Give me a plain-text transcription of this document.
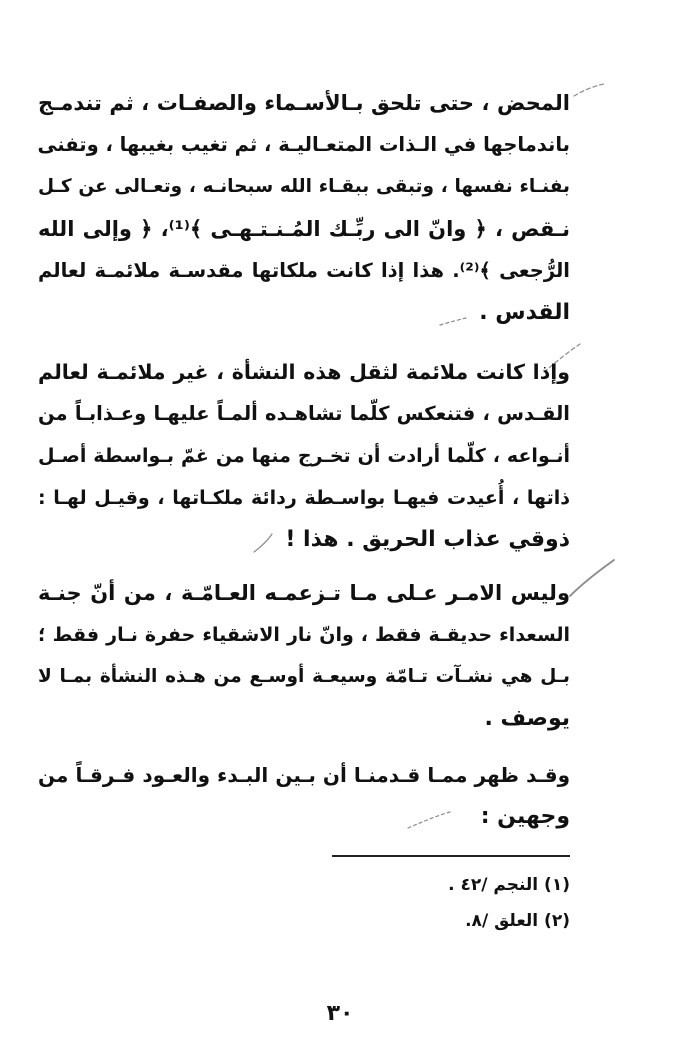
المحض ، حتى تلحق بـالأسـماء والصفـات ، ثم تندمـج
باندماجها في الـذات المتعـاليـة ، ثم تغيب بغيبها ، وتفنى
بفنـاء نفسها ، وتبقى ببقـاء الله سبحانـه ، وتعـالى عن كـل
نـقص ، ﴿ وانّ الى ربِّـك المُـنـتـهـى ﴾⁽¹⁾، ﴿ وإلى الله
الرُّجعى ﴾⁽²⁾. هذا إذا كانت ملكاتها مقدسـة ملائمـة لعالم
القدس .
وإذا كانت ملائمة لثقل هذه النشأة ، غير ملائمـة لعالم
القـدس ، فتنعكس كلّما تشاهـده ألمـاً عليهـا وعـذابـاً من
أنـواعه ، كلّما أرادت أن تخـرج منها من غمّ بـواسطة أصـل
ذاتها ، أُعيدت فيهـا بواسـطة ردائة ملكـاتها ، وقيـل لهـا :
ذوقي عذاب الحريق . هذا !
وليس الامـر عـلى مـا تـزعمـه العـامّـة ، من أنّ جنـة
السعداء حديقـة فقط ، وانّ نار الاشقياء حفرة نـار فقط ؛
بـل هي نشـآت تـامّة وسيعـة أوسـع من هـذه النشأة بمـا لا
يوصف .
وقـد ظهر ممـا قـدمنـا أن بـين البـدء والعـود فـرقـاً من
وجهين :
(١) النجم /٤٢ .
(٢) العلق /٨.
٣٠
